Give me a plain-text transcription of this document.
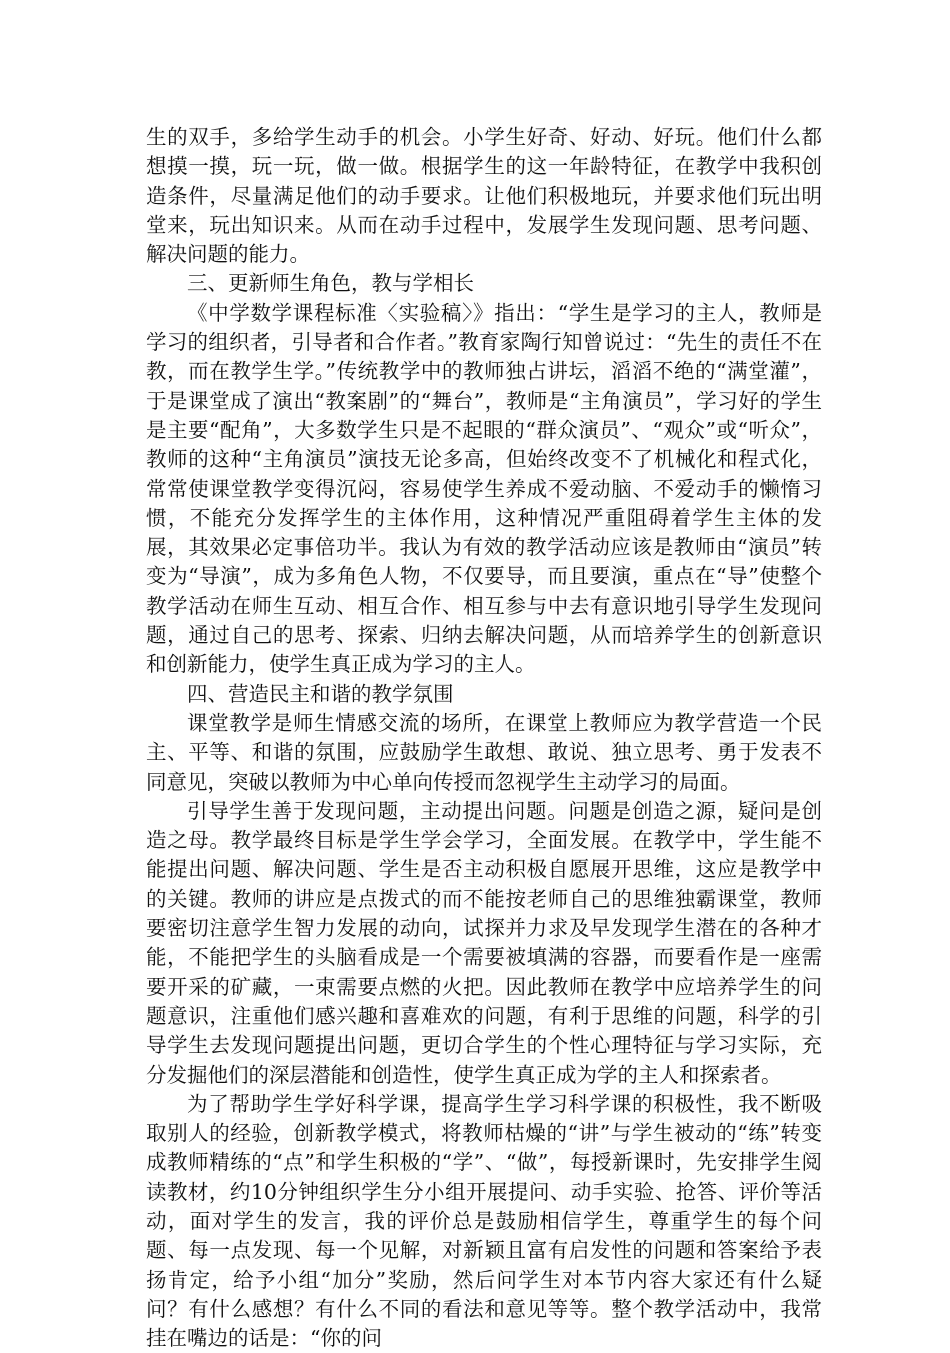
生的双手，多给学生动手的机会。小学生好奇、好动、好玩。他们什么都想摸一摸，玩一玩，做一做。根据学生的这一年龄特征，在教学中我积创造条件，尽量满足他们的动手要求。让他们积极地玩，并要求他们玩出明堂来，玩出知识来。从而在动手过程中，发展学生发现问题、思考问题、解决问题的能力。

三、更新师生角色，教与学相长

《中学数学课程标准〈实验稿〉》指出：“学生是学习的主人，教师是学习的组织者，引导者和合作者。”教育家陶行知曾说过：“先生的责任不在教，而在教学生学。”传统教学中的教师独占讲坛，滔滔不绝的“满堂灌”，于是课堂成了演出“教案剧”的“舞台”，教师是“主角演员”，学习好的学生是主要“配角”，大多数学生只是不起眼的“群众演员”、“观众”或“听众”，教师的这种“主角演员”演技无论多高，但始终改变不了机械化和程式化，常常使课堂教学变得沉闷，容易使学生养成不爱动脑、不爱动手的懒惰习惯，不能充分发挥学生的主体作用，这种情况严重阻碍着学生主体的发展，其效果必定事倍功半。我认为有效的教学活动应该是教师由“演员”转变为“导演”，成为多角色人物，不仅要导，而且要演，重点在“导”使整个教学活动在师生互动、相互合作、相互参与中去有意识地引导学生发现问题，通过自己的思考、探索、归纳去解决问题，从而培养学生的创新意识和创新能力，使学生真正成为学习的主人。

四、营造民主和谐的教学氛围

课堂教学是师生情感交流的场所，在课堂上教师应为教学营造一个民主、平等、和谐的氛围，应鼓励学生敢想、敢说、独立思考、勇于发表不同意见，突破以教师为中心单向传授而忽视学生主动学习的局面。

引导学生善于发现问题，主动提出问题。问题是创造之源，疑问是创造之母。教学最终目标是学生学会学习，全面发展。在教学中，学生能不能提出问题、解决问题、学生是否主动积极自愿展开思维，这应是教学中的关键。教师的讲应是点拨式的而不能按老师自己的思维独霸课堂，教师要密切注意学生智力发展的动向，试探并力求及早发现学生潜在的各种才能，不能把学生的头脑看成是一个需要被填满的容器，而要看作是一座需要开采的矿藏，一束需要点燃的火把。因此教师在教学中应培养学生的问题意识，注重他们感兴趣和喜难欢的问题，有利于思维的问题，科学的引导学生去发现问题提出问题，更切合学生的个性心理特征与学习实际，充分发掘他们的深层潜能和创造性，使学生真正成为学的主人和探索者。

为了帮助学生学好科学课，提高学生学习科学课的积极性，我不断吸取别人的经验，创新教学模式，将教师枯燥的“讲”与学生被动的“练”转变成教师精练的“点”和学生积极的“学”、“做”，每授新课时，先安排学生阅读教材，约10分钟组织学生分小组开展提问、动手实验、抢答、评价等活动，面对学生的发言，我的评价总是鼓励相信学生，尊重学生的每个问题、每一点发现、每一个见解，对新颖且富有启发性的问题和答案给予表扬肯定，给予小组“加分”奖励，然后问学生对本节内容大家还有什么疑问？有什么感想？有什么不同的看法和意见等等。整个教学活动中，我常挂在嘴边的话是：“你的问
